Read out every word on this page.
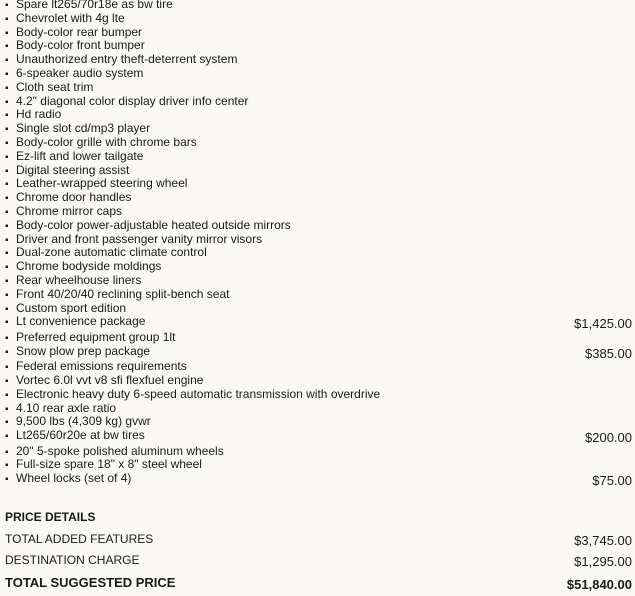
▪ Spare lt265/70r18e as bw tire
▪ Chevrolet with 4g lte
▪ Body-color rear bumper
▪ Body-color front bumper
▪ Unauthorized entry theft-deterrent system
▪ 6-speaker audio system
▪ Cloth seat trim
▪ 4.2" diagonal color display driver info center
▪ Hd radio
▪ Single slot cd/mp3 player
▪ Body-color grille with chrome bars
▪ Ez-lift and lower tailgate
▪ Digital steering assist
▪ Leather-wrapped steering wheel
▪ Chrome door handles
▪ Chrome mirror caps
▪ Body-color power-adjustable heated outside mirrors
▪ Driver and front passenger vanity mirror visors
▪ Dual-zone automatic climate control
▪ Chrome bodyside moldings
▪ Rear wheelhouse liners
▪ Front 40/20/40 reclining split-bench seat
▪ Custom sport edition
▪ Lt convenience package	$1,425.00
▪ Preferred equipment group 1lt
▪ Snow plow prep package	$385.00
▪ Federal emissions requirements
▪ Vortec 6.0l vvt v8 sfi flexfuel engine
▪ Electronic heavy duty 6-speed automatic transmission with overdrive
▪ 4.10 rear axle ratio
▪ 9,500 lbs (4,309 kg) gvwr
▪ Lt265/60r20e at bw tires	$200.00
▪ 20" 5-spoke polished aluminum wheels
▪ Full-size spare 18" x 8" steel wheel
▪ Wheel locks (set of 4)	$75.00
PRICE DETAILS
TOTAL ADDED FEATURES	$3,745.00
DESTINATION CHARGE	$1,295.00
TOTAL SUGGESTED PRICE	$51,840.00
